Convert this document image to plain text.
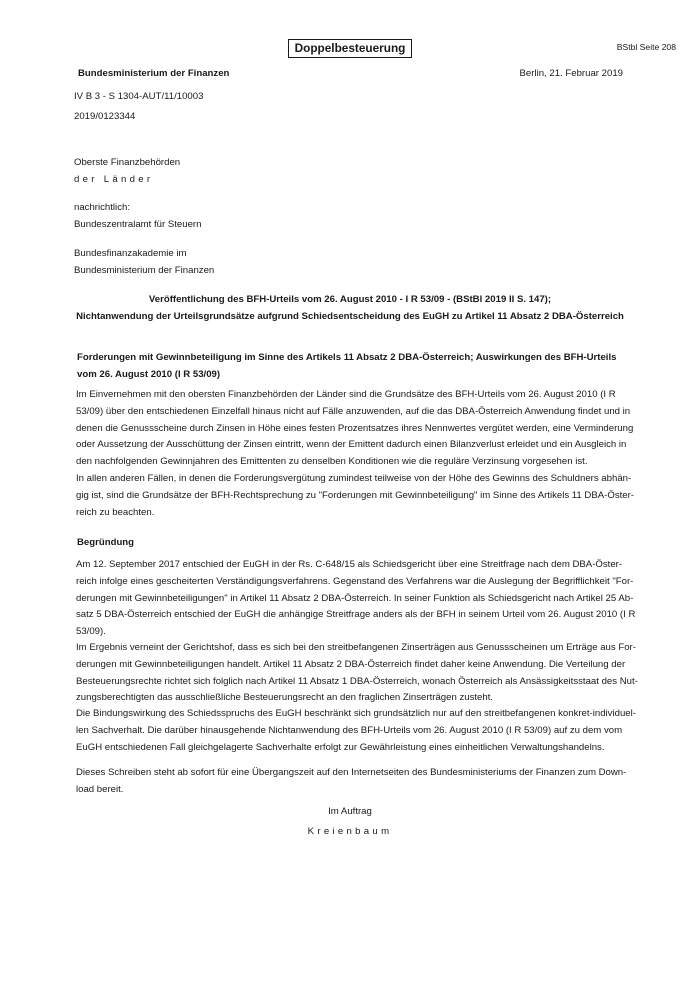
BStbl Seite 208
Doppelbesteuerung
Bundesministerium der Finanzen	Berlin, 21. Februar 2019
IV B 3 - S 1304-AUT/11/10003
2019/0123344
Oberste Finanzbehörden
der Länder
nachrichtlich:
Bundeszentralamt für Steuern
Bundesfinanzakademie im
Bundesministerium der Finanzen
Veröffentlichung des BFH-Urteils vom 26. August 2010 - I R 53/09 - (BStBl 2019 II S. 147);
Nichtanwendung der Urteilsgrundsätze aufgrund Schiedsentscheidung des EuGH zu Artikel 11 Absatz 2 DBA-Österreich
Forderungen mit Gewinnbeteiligung im Sinne des Artikels 11 Absatz 2 DBA-Österreich; Auswirkungen des BFH-Urteils
vom 26. August 2010 (I R 53/09)
Im Einvernehmen mit den obersten Finanzbehörden der Länder sind die Grundsätze des BFH-Urteils vom 26. August 2010 (I R
53/09) über den entschiedenen Einzelfall hinaus nicht auf Fälle anzuwenden, auf die das DBA-Österreich Anwendung findet und in
denen die Genussscheine durch Zinsen in Höhe eines festen Prozentsatzes ihres Nennwertes vergütet werden, eine Verminderung
oder Aussetzung der Ausschüttung der Zinsen eintritt, wenn der Emittent dadurch einen Bilanzverlust erleidet und ein Ausgleich in
den nachfolgenden Gewinnjahren des Emittenten zu denselben Konditionen wie die reguläre Verzinsung vorgesehen ist.
In allen anderen Fällen, in denen die Forderungsvergütung zumindest teilweise von der Höhe des Gewinns des Schuldners abhän-
gig ist, sind die Grundsätze der BFH-Rechtsprechung zu "Forderungen mit Gewinnbeteiligung" im Sinne des Artikels 11 DBA-Öster-
reich zu beachten.
Begründung
Am 12. September 2017 entschied der EuGH in der Rs. C-648/15 als Schiedsgericht über eine Streitfrage nach dem DBA-Öster-
reich infolge eines gescheiterten Verständigungsverfahrens. Gegenstand des Verfahrens war die Auslegung der Begrifflichkeit "For-
derungen mit Gewinnbeteiligungen" in Artikel 11 Absatz 2 DBA-Österreich. In seiner Funktion als Schiedsgericht nach Artikel 25 Ab-
satz 5 DBA-Österreich entschied der EuGH die anhängige Streitfrage anders als der BFH in seinem Urteil vom 26. August 2010 (I R
53/09).
Im Ergebnis verneint der Gerichtshof, dass es sich bei den streitbefangenen Zinserträgen aus Genussscheinen um Erträge aus For-
derungen mit Gewinnbeteiligungen handelt. Artikel 11 Absatz 2 DBA-Österreich findet daher keine Anwendung. Die Verteilung der
Besteuerungsrechte richtet sich folglich nach Artikel 11 Absatz 1 DBA-Österreich, wonach Österreich als Ansässigkeitsstaat des Nut-
zungsberechtigten das ausschließliche Besteuerungsrecht an den fraglichen Zinserträgen zusteht.
Die Bindungswirkung des Schiedsspruchs des EuGH beschränkt sich grundsätzlich nur auf den streitbefangenen konkret-individuel-
len Sachverhalt. Die darüber hinausgehende Nichtanwendung des BFH-Urteils vom 26. August 2010 (I R 53/09) auf zu dem vom
EuGH entschiedenen Fall gleichgelagerte Sachverhalte erfolgt zur Gewährleistung eines einheitlichen Verwaltungshandelns.
Dieses Schreiben steht ab sofort für eine Übergangszeit auf den Internetseiten des Bundesministeriums der Finanzen zum Down-
load bereit.
Im Auftrag
Kreienbaum
